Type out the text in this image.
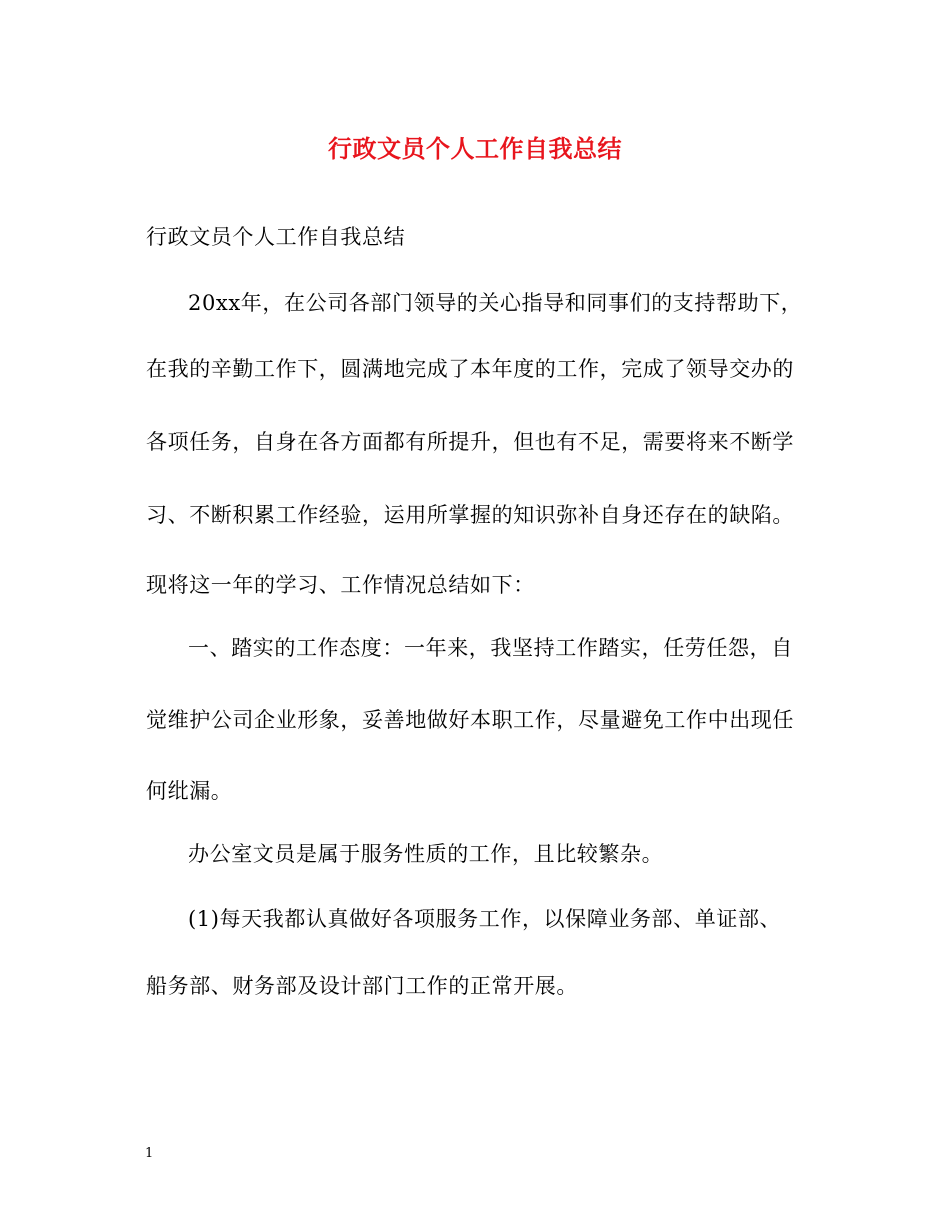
行政文员个人工作自我总结
行政文员个人工作自我总结
20xx年，在公司各部门领导的关心指导和同事们的支持帮助下，
在我的辛勤工作下，圆满地完成了本年度的工作，完成了领导交办的
各项任务，自身在各方面都有所提升，但也有不足，需要将来不断学
习、不断积累工作经验，运用所掌握的知识弥补自身还存在的缺陷。
现将这一年的学习、工作情况总结如下：
一、踏实的工作态度：一年来，我坚持工作踏实，任劳任怨，自
觉维护公司企业形象，妥善地做好本职工作，尽量避免工作中出现任
何纰漏。
办公室文员是属于服务性质的工作，且比较繁杂。
(1)每天我都认真做好各项服务工作，以保障业务部、单证部、
船务部、财务部及设计部门工作的正常开展。
1
